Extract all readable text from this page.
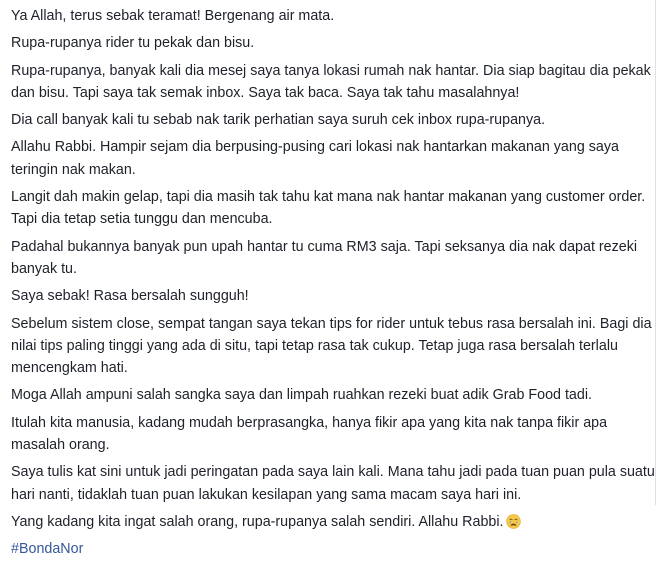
Ya Allah, terus sebak teramat! Bergenang air mata.

Rupa-rupanya rider tu pekak dan bisu.

Rupa-rupanya, banyak kali dia mesej saya tanya lokasi rumah nak hantar. Dia siap bagitau dia pekak
dan bisu. Tapi saya tak semak inbox. Saya tak baca. Saya tak tahu masalahnya!

Dia call banyak kali tu sebab nak tarik perhatian saya suruh cek inbox rupa-rupanya.

Allahu Rabbi. Hampir sejam dia berpusing-pusing cari lokasi nak hantarkan makanan yang saya
teringin nak makan.

Langit dah makin gelap, tapi dia masih tak tahu kat mana nak hantar makanan yang customer order.
Tapi dia tetap setia tunggu dan mencuba.

Padahal bukannya banyak pun upah hantar tu cuma RM3 saja. Tapi seksanya dia nak dapat rezeki
banyak tu.

Saya sebak! Rasa bersalah sungguh!

Sebelum sistem close, sempat tangan saya tekan tips for rider untuk tebus rasa bersalah ini. Bagi dia
nilai tips paling tinggi yang ada di situ, tapi tetap rasa tak cukup. Tetap juga rasa bersalah terlalu
mencengkam hati.

Moga Allah ampuni salah sangka saya dan limpah ruahkan rezeki buat adik Grab Food tadi.

Itulah kita manusia, kadang mudah berprasangka, hanya fikir apa yang kita nak tanpa fikir apa
masalah orang.

Saya tulis kat sini untuk jadi peringatan pada saya lain kali. Mana tahu jadi pada tuan puan pula suatu
hari nanti, tidaklah tuan puan lakukan kesilapan yang sama macam saya hari ini.

Yang kadang kita ingat salah orang, rupa-rupanya salah sendiri. Allahu Rabbi.

#BondaNor
